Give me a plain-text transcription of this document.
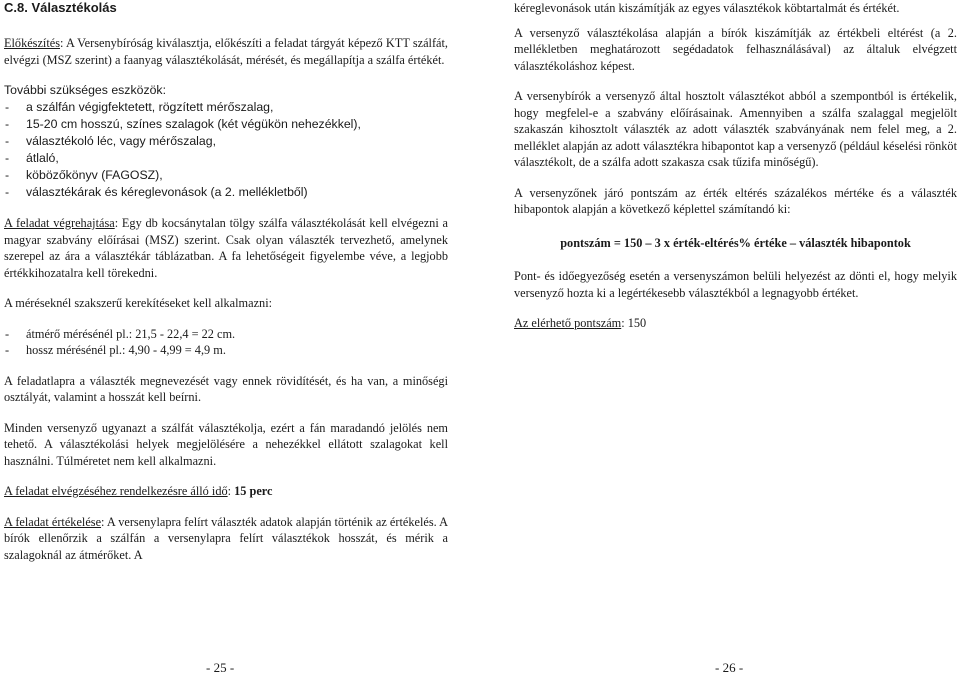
C.8. Választékolás

Előkészítés: A Versenybíróság kiválasztja, előkészíti a feladat tárgyát képező KTT szálfát, elvégzi (MSZ szerint) a faanyag választékolását, mérését, és megállapítja a szálfa értékét.

További szükséges eszközök:
- a szálfán végigfektetett, rögzített mérőszalag,
- 15-20 cm hosszú, színes szalagok (két végükön nehezékkel),
- választékoló léc, vagy mérőszalag,
- átlaló,
- köbözőkönyv (FAGOSZ),
- választékárak és kéreglevonások (a 2. mellékletből)

A feladat végrehajtása: Egy db kocsánytalan tölgy szálfa választékolását kell elvégezni a magyar szabvány előírásai (MSZ) szerint. Csak olyan választék tervezhető, amelynek szerepel az ára a választékár táblázatban. A fa lehetőségeit figyelembe véve, a legjobb értékkihozatalra kell törekedni.

A méréseknél szakszerű kerekítéseket kell alkalmazni:
- átmérő mérésénél pl.: 21,5 - 22,4 = 22 cm.
- hossz mérésénél pl.: 4,90 - 4,99 = 4,9 m.

A feladatlapra a választék megnevezését vagy ennek rövidítését, és ha van, a minőségi osztályát, valamint a hosszát kell beírni.

Minden versenyző ugyanazt a szálfát választékolja, ezért a fán maradandó jelölés nem tehető. A választékolási helyek megjelölésére a nehezékkel ellátott szalagokat kell használni. Túlméretet nem kell alkalmazni.

A feladat elvégzéséhez rendelkezésre álló idő: 15 perc

A feladat értékelése: A versenylapra felírt választék adatok alapján történik az értékelés. A bírók ellenőrzik a szálfán a versenylapra felírt választékok hosszát, és mérik a szalagoknál az átmérőket. A

- 25 -

kéreglevonások után kiszámítják az egyes választékok köbtartalmát és értékét.

A versenyző választékolása alapján a bírók kiszámítják az értékbeli eltérést (a 2. mellékletben meghatározott segédadatok felhasználásával) az általuk elvégzett választékoláshoz képest.

A versenybírók a versenyző által hosztolt választékot abból a szempontból is értékelik, hogy megfelel-e a szabvány előírásainak. Amennyiben a szálfa szalaggal megjelölt szakaszán kihosztolt választék az adott választék szabványának nem felel meg, a 2. melléklet alapján az adott választékra hibapontot kap a versenyző (például késelési rönköt választékolt, de a szálfa adott szakasza csak tűzifa minőségű).

A versenyzőnek járó pontszám az érték eltérés százalékos mértéke és a választék hibapontok alapján a következő képlettel számítandó ki:

pontszám = 150 – 3 x érték-eltérés% értéke – választék hibapontok

Pont- és időegyezőség esetén a versenyszámon belüli helyezést az dönti el, hogy melyik versenyző hozta ki a legértékesebb választékból a legnagyobb értéket.

Az elérhető pontszám: 150

- 26 -
